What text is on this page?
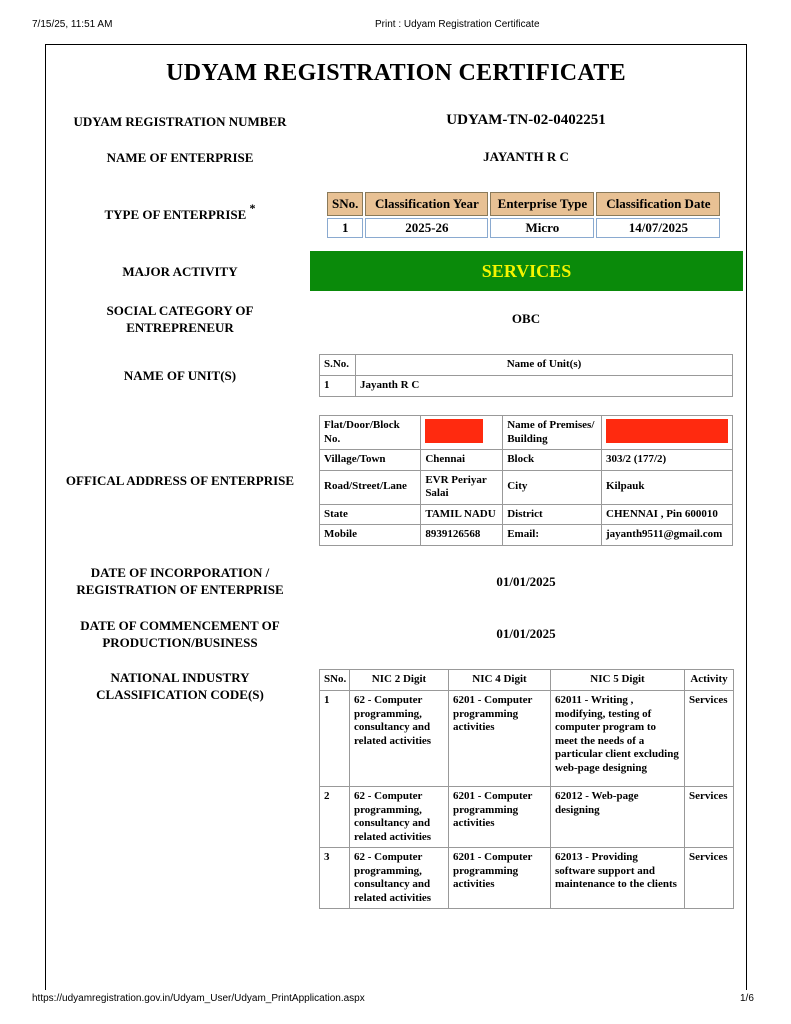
7/15/25, 11:51 AM	Print : Udyam Registration Certificate
https://udyamregistration.gov.in/Udyam_User/Udyam_PrintApplication.aspx	1/6
UDYAM REGISTRATION CERTIFICATE
UDYAM REGISTRATION NUMBER	UDYAM-TN-02-0402251
NAME OF ENTERPRISE	JAYANTH R C
TYPE OF ENTERPRISE *	SNo.	Classification Year	Enterprise Type	Classification Date
1	2025-26	Micro	14/07/2025
MAJOR ACTIVITY	SERVICES
SOCIAL CATEGORY OF
ENTREPRENEUR
OBC
NAME OF UNIT(S)
S.No.	Name of Unit(s)
1	Jayanth R C
OFFICAL ADDRESS OF ENTERPRISE
Flat/Door/Block No.		Name of Premises/ Building	

Village/Town	Chennai	Block	303/2 (177/2)
Road/Street/Lane	EVR Periyar Salai	City	Kilpauk
State	TAMIL NADU	District	CHENNAI , Pin 600010
Mobile	8939126568	Email:	jayanth9511@gmail.com
DATE OF INCORPORATION /
REGISTRATION OF ENTERPRISE
01/01/2025
DATE OF COMMENCEMENT OF
PRODUCTION/BUSINESS
01/01/2025
NATIONAL INDUSTRY
CLASSIFICATION CODE(S)
SNo.	NIC 2 Digit	NIC 4 Digit	NIC 5 Digit	Activity
1	62 - Computer programming, consultancy and related activities	6201 - Computer programming activities	62011 - Writing , modifying, testing of computer program to meet the needs of a particular client excluding web-page designing	Services
2	62 - Computer programming, consultancy and related activities	6201 - Computer programming activities	62012 - Web-page designing	Services
3	62 - Computer programming, consultancy and related activities	6201 - Computer programming activities	62013 - Providing software support and maintenance to the clients	Services
